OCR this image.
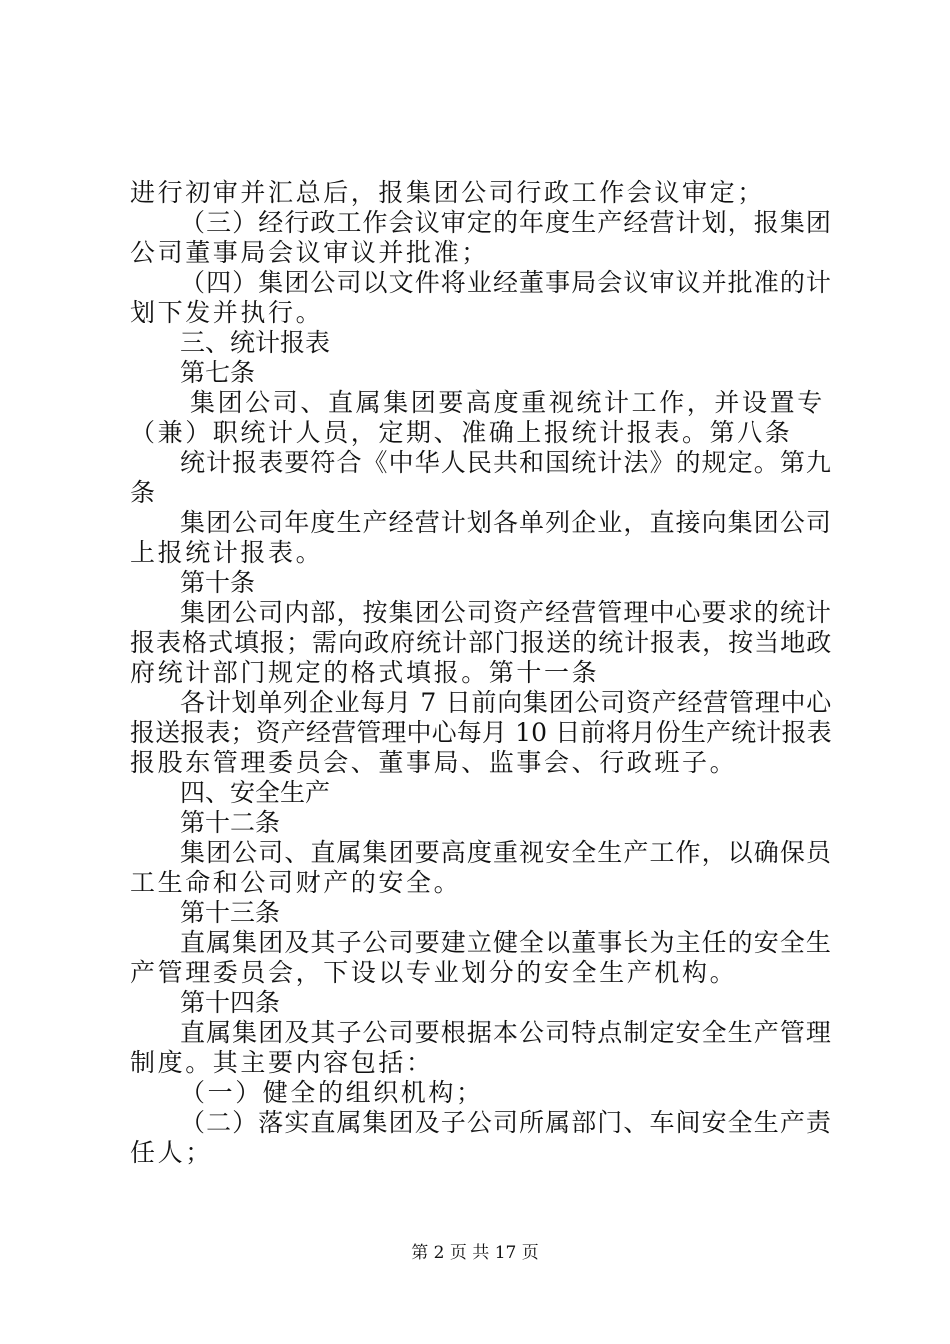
进行初审并汇总后，报集团公司行政工作会议审定；
（三）经行政工作会议审定的年度生产经营计划，报集团
公司董事局会议审议并批准；
（四）集团公司以文件将业经董事局会议审议并批准的计
划下发并执行。
三、统计报表
第七条
集团公司、直属集团要高度重视统计工作，并设置专
（兼）职统计人员，定期、准确上报统计报表。第八条
统计报表要符合《中华人民共和国统计法》的规定。第九
条
集团公司年度生产经营计划各单列企业，直接向集团公司
上报统计报表。
第十条
集团公司内部，按集团公司资产经营管理中心要求的统计
报表格式填报；需向政府统计部门报送的统计报表，按当地政
府统计部门规定的格式填报。第十一条
各计划单列企业每月 7 日前向集团公司资产经营管理中心
报送报表；资产经营管理中心每月 10 日前将月份生产统计报表
报股东管理委员会、董事局、监事会、行政班子。
四、安全生产
第十二条
集团公司、直属集团要高度重视安全生产工作，以确保员
工生命和公司财产的安全。
第十三条
直属集团及其子公司要建立健全以董事长为主任的安全生
产管理委员会，下设以专业划分的安全生产机构。
第十四条
直属集团及其子公司要根据本公司特点制定安全生产管理
制度。其主要内容包括：
（一）健全的组织机构；
（二）落实直属集团及子公司所属部门、车间安全生产责
任人；
第 2 页 共 17 页
